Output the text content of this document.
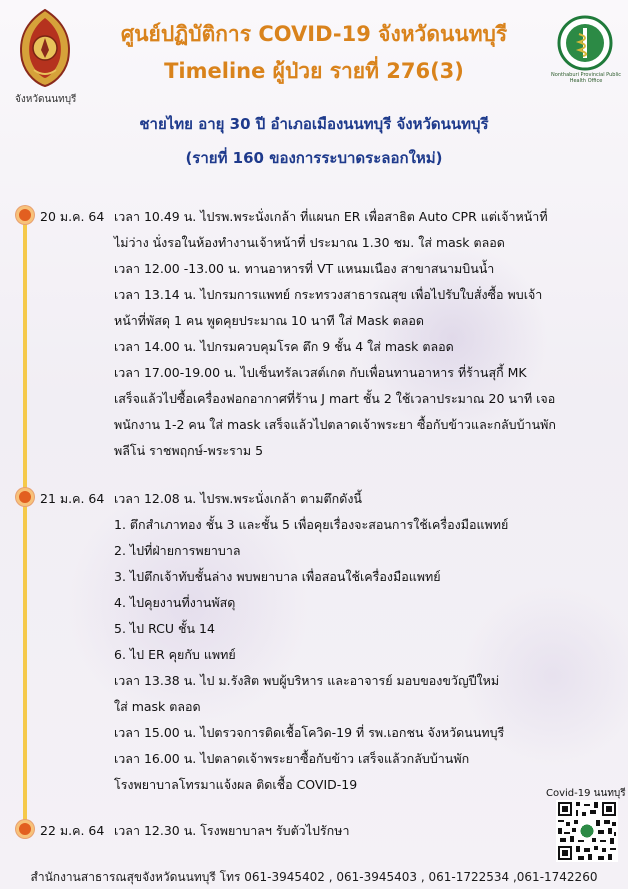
จังหวัดนนทบุรี
ศูนย์ปฏิบัติการ COVID-19 จังหวัดนนทบุรี
Timeline ผู้ป่วย รายที่ 276(3)	Nonthaburi Provincial Public Health Office
ชายไทย อายุ 30 ปี อำเภอเมืองนนทบุรี จังหวัดนนทบุรี
(รายที่ 160 ของการระบาดระลอกใหม่)
20 ม.ค. 64
21 ม.ค. 64
22 ม.ค. 64
เวลา 10.49 น. ไปรพ.พระนั่งเกล้า ที่แผนก ER เพื่อสาธิต Auto CPR แต่เจ้าหน้าที่
ไม่ว่าง นั่งรอในห้องทำงานเจ้าหน้าที่ ประมาณ 1.30 ชม. ใส่ mask ตลอด
เวลา 12.00 -13.00 น. ทานอาหารที่ VT แหนมเนือง สาขาสนามบินน้ำ
เวลา 13.14 น. ไปกรมการแพทย์ กระทรวงสาธารณสุข เพื่อไปรับใบสั่งซื้อ พบเจ้า
หน้าที่พัสดุ 1 คน พูดคุยประมาณ 10 นาที ใส่ Mask ตลอด
เวลา 14.00 น. ไปกรมควบคุมโรค ตึก 9 ชั้น 4 ใส่ mask ตลอด
เวลา 17.00-19.00 น. ไปเซ็นทรัลเวสต์เกต กับเพื่อนทานอาหาร ที่ร้านสุกี้ MK
เสร็จแล้วไปซื้อเครื่องฟอกอากาศที่ร้าน J mart ชั้น 2 ใช้เวลาประมาณ 20 นาที เจอ
พนักงาน 1-2 คน ใส่ mask เสร็จแล้วไปตลาดเจ้าพระยา ซื้อกับข้าวและกลับบ้านพัก
พลีโน่ ราชพฤกษ์-พระราม 5
เวลา 12.08 น. ไปรพ.พระนั่งเกล้า ตามตึกดังนี้
1. ตึกสำเภาทอง ชั้น 3 และชั้น 5 เพื่อคุยเรื่องจะสอนการใช้เครื่องมือแพทย์
2. ไปที่ฝ่ายการพยาบาล
3. ไปตึกเจ้าทับชั้นล่าง พบพยาบาล เพื่อสอนใช้เครื่องมือแพทย์
4. ไปคุยงานที่งานพัสดุ
5. ไป RCU ชั้น 14
6. ไป ER คุยกับ แพทย์
เวลา 13.38 น. ไป ม.รังสิต พบผู้บริหาร และอาจารย์ มอบของขวัญปีใหม่
ใส่ mask ตลอด
เวลา 15.00 น. ไปตรวจการติดเชื้อโควิด-19 ที่ รพ.เอกชน จังหวัดนนทบุรี
เวลา 16.00 น. ไปตลาดเจ้าพระยาซื้อกับข้าว เสร็จแล้วกลับบ้านพัก
โรงพยาบาลโทรมาแจ้งผล ติดเชื้อ COVID-19
เวลา 12.30 น. โรงพยาบาลฯ รับตัวไปรักษา
Covid-19 นนทบุรี
สำนักงานสาธารณสุขจังหวัดนนทบุรี โทร 061-3945402 , 061-3945403 , 061-1722534 ,061-1742260
